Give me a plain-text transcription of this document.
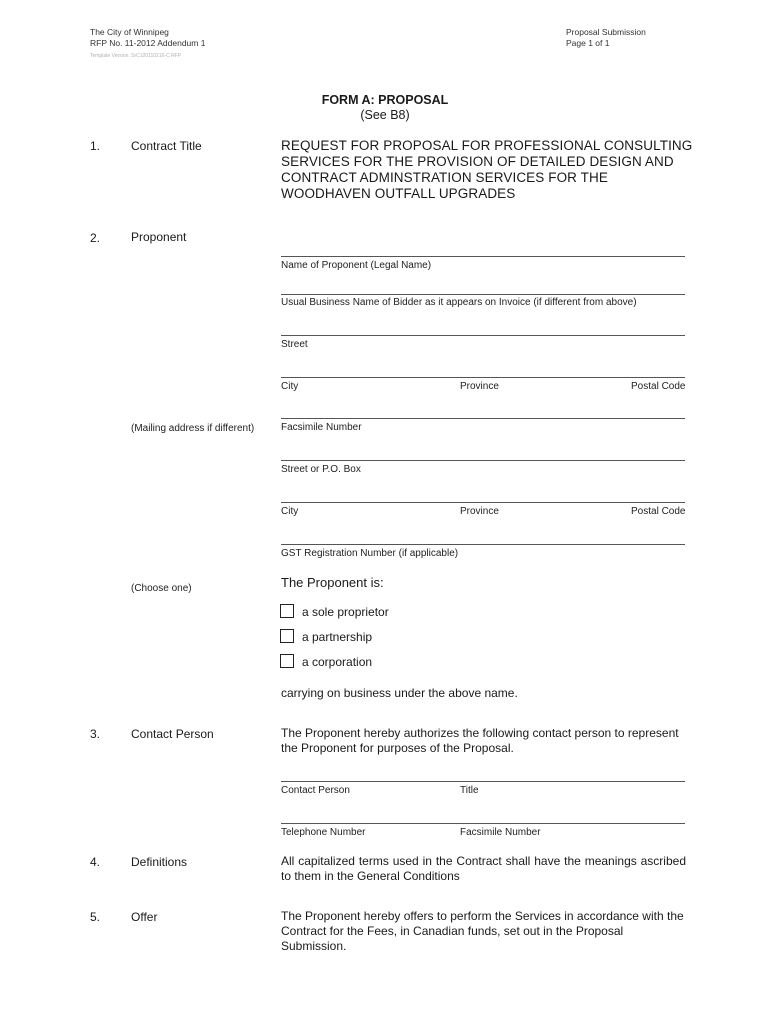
The City of Winnipeg
RFP No. 11-2012 Addendum 1
Template Version: SrC120110216-C RFP
Proposal Submission
Page 1 of 1
FORM A: PROPOSAL
(See B8)
1.	Contract Title	REQUEST FOR PROPOSAL FOR PROFESSIONAL CONSULTING SERVICES FOR THE PROVISION OF DETAILED DESIGN AND CONTRACT ADMINSTRATION SERVICES FOR THE WOODHAVEN OUTFALL UPGRADES
2.	Proponent
Name of Proponent (Legal Name)
Usual Business Name of Bidder as it appears on Invoice (if different from above)
Street
City	Province	Postal Code
(Mailing address if different)	Facsimile Number
Street or P.O. Box
City	Province	Postal Code
GST Registration Number (if applicable)
(Choose one)	The Proponent is:
a sole proprietor
a partnership
a corporation
carrying on business under the above name.
3.	Contact Person	The Proponent hereby authorizes the following contact person to represent the Proponent for purposes of the Proposal.
Contact Person	Title
Telephone Number	Facsimile Number
4.	Definitions	All capitalized terms used in the Contract shall have the meanings ascribed to them in the General Conditions
5.	Offer	The Proponent hereby offers to perform the Services in accordance with the Contract for the Fees, in Canadian funds, set out in the Proposal Submission.
